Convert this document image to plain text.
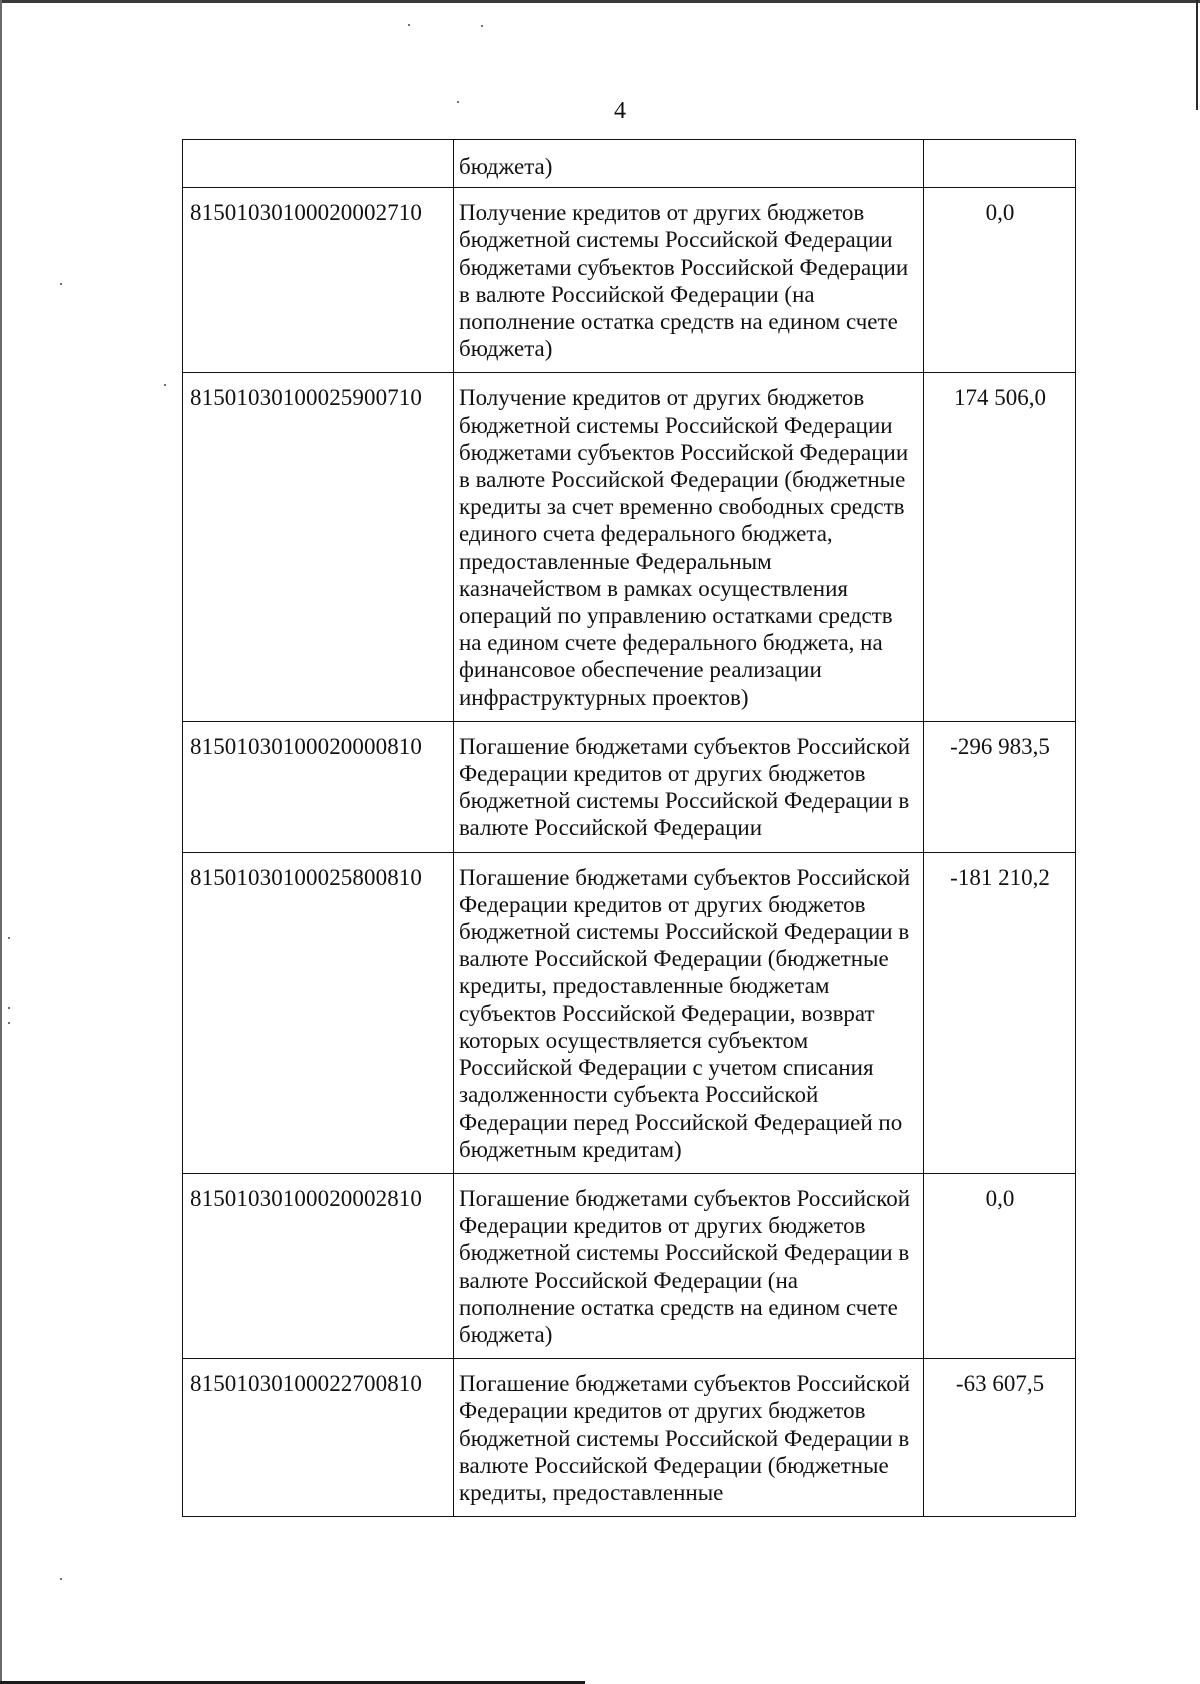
4
	бюджета)	
81501030100020002710	Получение кредитов от других бюджетов бюджетной системы Российской Федерации бюджетами субъектов Российской Федерации в валюте Российской Федерации (на пополнение остатка средств на едином счете бюджета)	0,0
81501030100025900710	Получение кредитов от других бюджетов бюджетной системы Российской Федерации бюджетами субъектов Российской Федерации в валюте Российской Федерации (бюджетные кредиты за счет временно свободных средств единого счета федерального бюджета, предоставленные Федеральным казначейством в рамках осуществления операций по управлению остатками средств на едином счете федерального бюджета, на финансовое обеспечение реализации инфраструктурных проектов)	174 506,0
81501030100020000810	Погашение бюджетами субъектов Российской Федерации кредитов от других бюджетов бюджетной системы Российской Федерации в валюте Российской Федерации	-296 983,5
81501030100025800810	Погашение бюджетами субъектов Российской Федерации кредитов от других бюджетов бюджетной системы Российской Федерации в валюте Российской Федерации (бюджетные кредиты, предоставленные бюджетам субъектов Российской Федерации, возврат которых осуществляется субъектом Российской Федерации с учетом списания задолженности субъекта Российской Федерации перед Российской Федерацией по бюджетным кредитам)	-181 210,2
81501030100020002810	Погашение бюджетами субъектов Российской Федерации кредитов от других бюджетов бюджетной системы Российской Федерации в валюте Российской Федерации (на пополнение остатка средств на едином счете бюджета)	0,0
81501030100022700810	Погашение бюджетами субъектов Российской Федерации кредитов от других бюджетов бюджетной системы Российской Федерации в валюте Российской Федерации (бюджетные кредиты, предоставленные	-63 607,5
